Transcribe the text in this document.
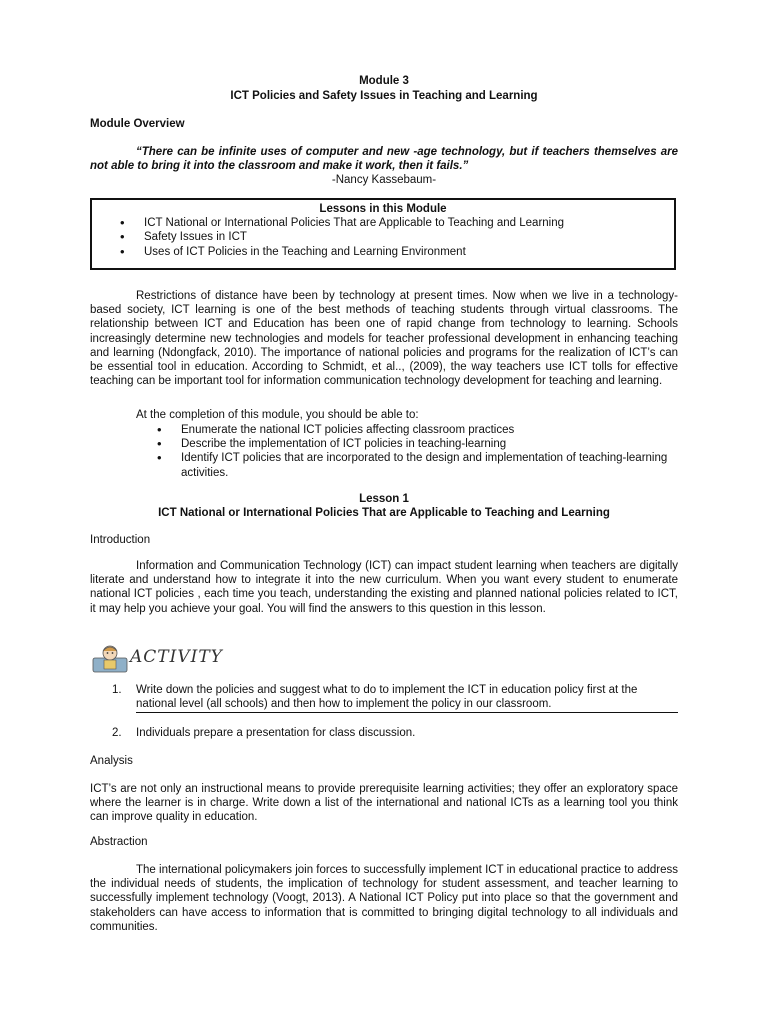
Module 3
ICT Policies and Safety Issues in Teaching and Learning
Module Overview
“There can be infinite uses of computer and new -age technology, but if teachers themselves are not able to bring it into the classroom and make it work, then it fails.”
-Nancy Kassebaum-
Lessons in this Module
• ICT National or International Policies That are Applicable to Teaching and Learning
• Safety Issues in ICT
• Uses of ICT Policies in the Teaching and Learning Environment
Restrictions of distance have been by technology at present times. Now when we live in a technology-based society, ICT learning is one of the best methods of teaching students through virtual classrooms. The relationship between ICT and Education has been one of rapid change from technology to learning. Schools increasingly determine new technologies and models for teacher professional development in enhancing teaching and learning (Ndongfack, 2010). The importance of national policies and programs for the realization of ICT’s can be essential tool in education. According to Schmidt, et al.., (2009), the way teachers use ICT tolls for effective teaching can be important tool for information communication technology development for teaching and learning.
At the completion of this module, you should be able to:
• Enumerate the national ICT policies affecting classroom practices
• Describe the implementation of ICT policies in teaching-learning
• Identify ICT policies that are incorporated to the design and implementation of teaching-learning activities.
Lesson 1
ICT National or International Policies That are Applicable to Teaching and Learning
Introduction
Information and Communication Technology (ICT) can impact student learning when teachers are digitally literate and understand how to integrate it into the new curriculum. When you want every student to enumerate national ICT policies , each time you teach, understanding the existing and planned national policies related to ICT, it may help you achieve your goal. You will find the answers to this question in this lesson.
ACTIVITY
1. Write down the policies and suggest what to do to implement the ICT in education policy first at the national level (all schools) and then how to implement the policy in our classroom.
2. Individuals prepare a presentation for class discussion.
Analysis
ICT’s are not only an instructional means to provide prerequisite learning activities; they offer an exploratory space where the learner is in charge. Write down a list of the international and national ICTs as a learning tool you think can improve quality in education.
Abstraction
The international policymakers join forces to successfully implement ICT in educational practice to address the individual needs of students, the implication of technology for student assessment, and teacher learning to successfully implement technology (Voogt, 2013). A National ICT Policy put into place so that the government and stakeholders can have access to information that is committed to bringing digital technology to all individuals and communities.
